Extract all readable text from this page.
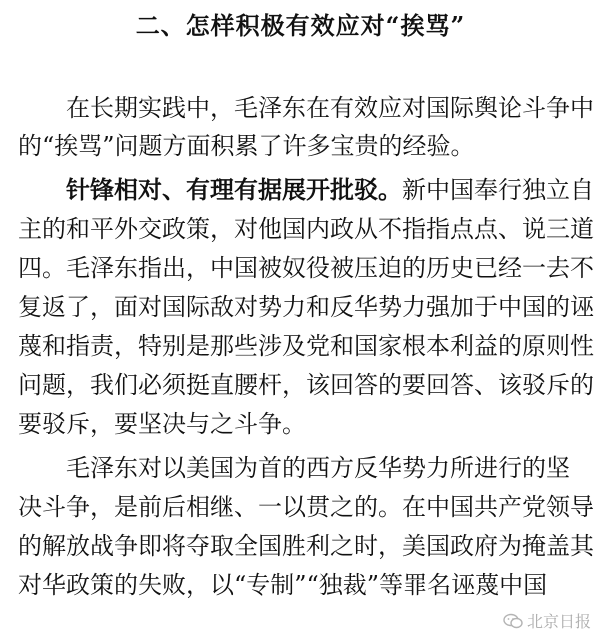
二、怎样积极有效应对“挨骂”
在长期实践中，毛泽东在有效应对国际舆论斗争中
的“挨骂”问题方面积累了许多宝贵的经验。
针锋相对、有理有据展开批驳。新中国奉行独立自
主的和平外交政策，对他国内政从不指指点点、说三道
四。毛泽东指出，中国被奴役被压迫的历史已经一去不
复返了，面对国际敌对势力和反华势力强加于中国的诬
蔑和指责，特别是那些涉及党和国家根本利益的原则性
问题，我们必须挺直腰杆，该回答的要回答、该驳斥的
要驳斥，要坚决与之斗争。
毛泽东对以美国为首的西方反华势力所进行的坚
决斗争，是前后相继、一以贯之的。在中国共产党领导
的解放战争即将夺取全国胜利之时，美国政府为掩盖其
对华政策的失败，以“专制”“独裁”等罪名诬蔑中国
北京日报
